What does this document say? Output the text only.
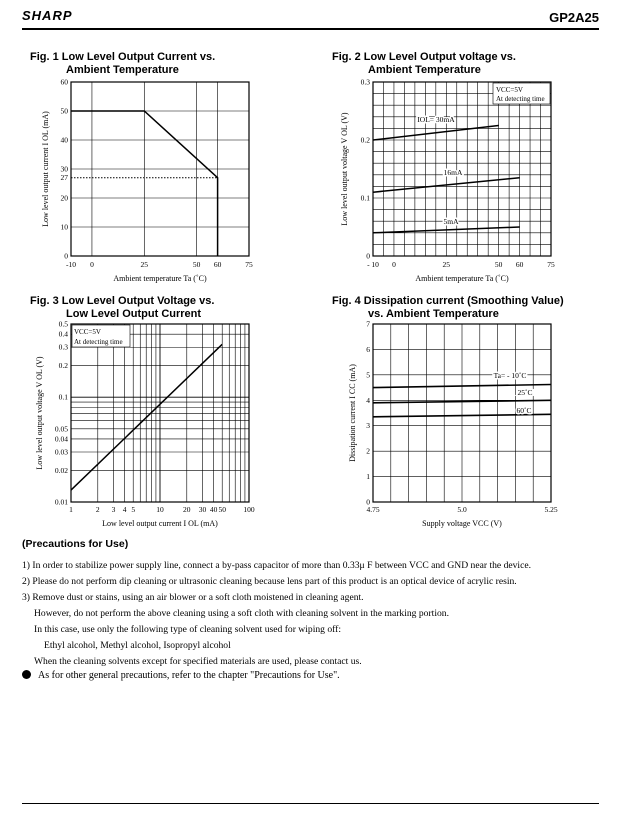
SHARP	GP2A25
Fig. 1 Low Level Output Current vs.
Ambient Temperature
Fig. 2 Low Level Output voltage vs.
Ambient Temperature
Fig. 3 Low Level Output Voltage vs.
Low Level Output Current
Fig. 4 Dissipation current (Smoothing Value)
vs. Ambient Temperature
-10 0	25	50 60	75
0
10
20
27
30
40
50
60
Ambient temperature Ta (˚C)
Low level output current I OL (mA)
- 10 0	25	50 60	75
0
0.1
0.2
0.3
IOL= 30mA
16mA
5mA
VCC=5V
At detecting time
Ambient temperature Ta (˚C)
Low level output voltage V OL (V)
1	2 3 4 5	10	20 30 40 50 100
0.01
0.02
0.03
0.04
0.05
0.1
0.2
0.3
0.4
0.5
VCC=5V
At detecting time
Low level output current I OL (mA)
Low level output voltage V OL (V)
4.75	5.0	5.25
0
1
2
3
4
5
6
7
Ta= - 10˚C
25˚C
60˚C
Supply voltage VCC (V)
Dissipation current I CC (mA)
(Precautions for Use)
1) In order to stabilize power supply line, connect a by-pass capacitor of more than 0.33μ F between VCC and GND near the device.
2) Please do not perform dip cleaning or ultrasonic cleaning because lens part of this product is an optical device of acrylic resin.
3) Remove dust or stains, using an air blower or a soft cloth moistened in cleaning agent.
However, do not perform the above cleaning using a soft cloth with cleaning solvent in the marking portion.
In this case, use only the following type of cleaning solvent used for wiping off:
Ethyl alcohol, Methyl alcohol, Isopropyl alcohol
When the cleaning solvents except for specified materials are used, please contact us.
As for other general precautions, refer to the chapter "Precautions for Use".
